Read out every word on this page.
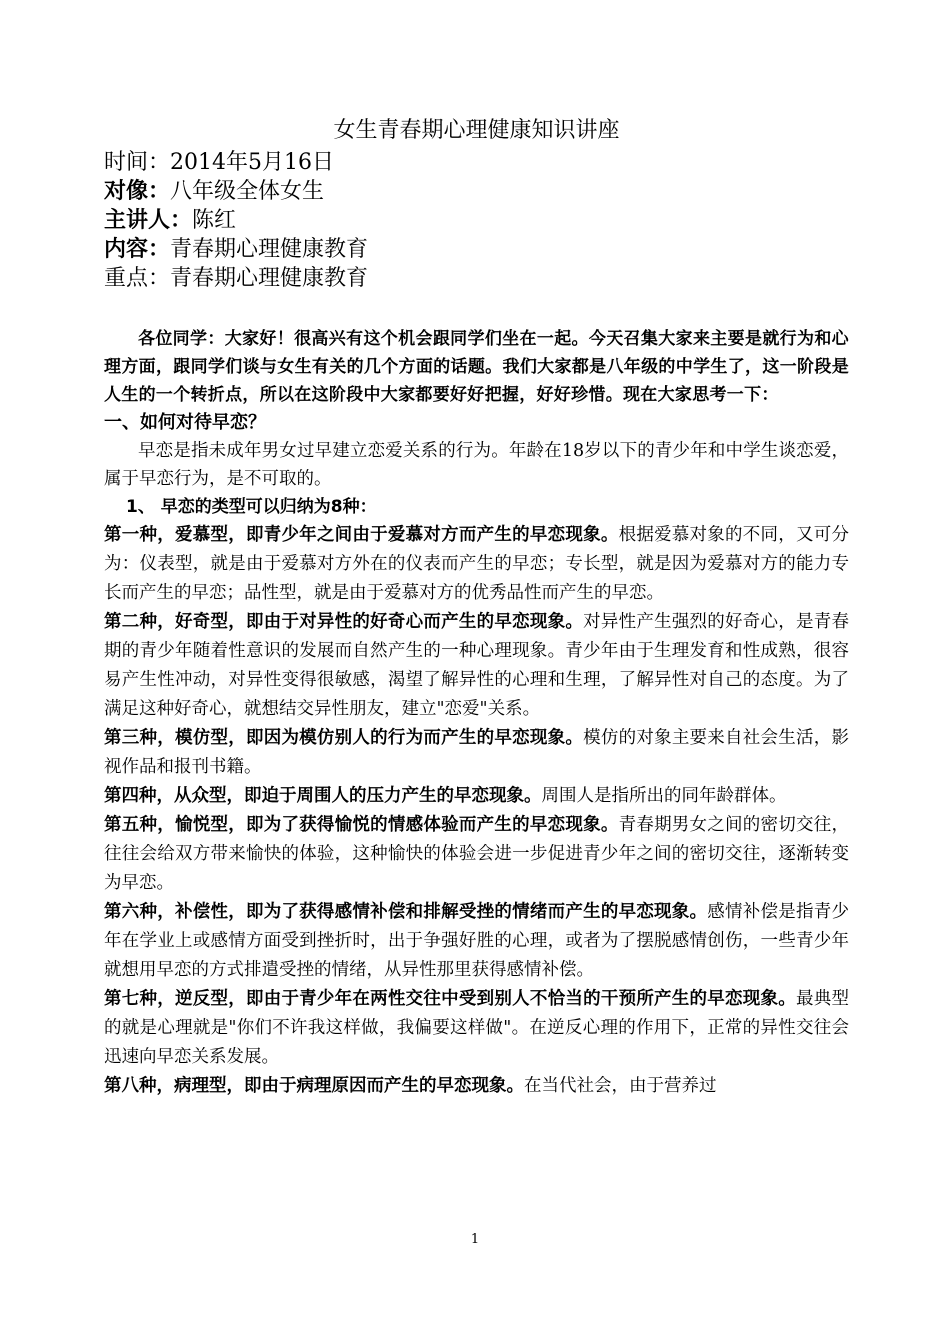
女生青春期心理健康知识讲座
时间：2014年5月16日
对像：八年级全体女生
主讲人：陈红
内容：青春期心理健康教育
重点：青春期心理健康教育

各位同学：大家好！很高兴有这个机会跟同学们坐在一起。今天召集大家来主要是就行为和心理方面，跟同学们谈与女生有关的几个方面的话题。我们大家都是八年级的中学生了，这一阶段是人生的一个转折点，所以在这阶段中大家都要好好把握，好好珍惜。现在大家思考一下：

一、如何对待早恋？

早恋是指未成年男女过早建立恋爱关系的行为。年龄在18岁以下的青少年和中学生谈恋爱，属于早恋行为，是不可取的。

1、 早恋的类型可以归纳为8种：

第一种，爱慕型，即青少年之间由于爱慕对方而产生的早恋现象。根据爱慕对象的不同，又可分为：仪表型，就是由于爱慕对方外在的仪表而产生的早恋；专长型，就是因为爱慕对方的能力专长而产生的早恋；品性型，就是由于爱慕对方的优秀品性而产生的早恋。

第二种，好奇型，即由于对异性的好奇心而产生的早恋现象。对异性产生强烈的好奇心，是青春期的青少年随着性意识的发展而自然产生的一种心理现象。青少年由于生理发育和性成熟，很容易产生性冲动，对异性变得很敏感，渴望了解异性的心理和生理，了解异性对自己的态度。为了满足这种好奇心，就想结交异性朋友，建立"恋爱"关系。

第三种，模仿型，即因为模仿别人的行为而产生的早恋现象。模仿的对象主要来自社会生活，影视作品和报刊书籍。

第四种，从众型，即迫于周围人的压力产生的早恋现象。周围人是指所出的同年龄群体。

第五种，愉悦型，即为了获得愉悦的情感体验而产生的早恋现象。青春期男女之间的密切交往，往往会给双方带来愉快的体验，这种愉快的体验会进一步促进青少年之间的密切交往，逐渐转变为早恋。

第六种，补偿性，即为了获得感情补偿和排解受挫的情绪而产生的早恋现象。感情补偿是指青少年在学业上或感情方面受到挫折时，出于争强好胜的心理，或者为了摆脱感情创伤，一些青少年就想用早恋的方式排遣受挫的情绪，从异性那里获得感情补偿。

第七种，逆反型，即由于青少年在两性交往中受到别人不恰当的干预所产生的早恋现象。最典型的就是心理就是"你们不许我这样做，我偏要这样做"。在逆反心理的作用下，正常的异性交往会迅速向早恋关系发展。

第八种，病理型，即由于病理原因而产生的早恋现象。在当代社会，由于营养过

1
